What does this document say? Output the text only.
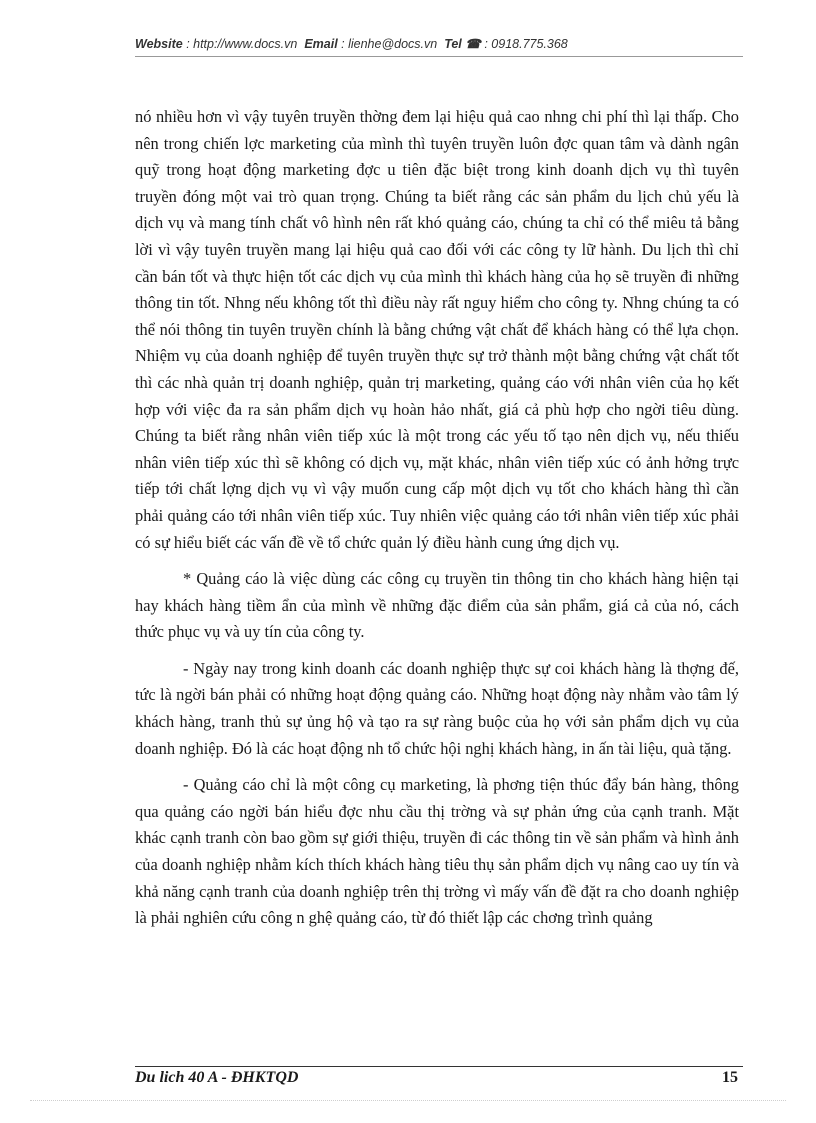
Website : http://www.docs.vn Email : lienhe@docs.vn Tel ☎ : 0918.775.368

nó nhiều hơn vì vậy tuyên truyền thờng đem lại hiệu quả cao nhng chi phí thì lại thấp. Cho nên trong chiến lợc marketing của mình thì tuyên truyền luôn đợc quan tâm và dành ngân quỹ trong hoạt động marketing đợc u tiên đặc biệt trong kinh doanh dịch vụ thì tuyên truyền đóng một vai trò quan trọng. Chúng ta biết rằng các sản phẩm du lịch chủ yếu là dịch vụ và mang tính chất vô hình nên rất khó quảng cáo, chúng ta chỉ có thể miêu tả bằng lời vì vậy tuyên truyền mang lại hiệu quả cao đối với các công ty lữ hành. Du lịch thì chỉ cần bán tốt và thực hiện tốt các dịch vụ của mình thì khách hàng của họ sẽ truyền đi những thông tin tốt. Nhng nếu không tốt thì điều này rất nguy hiểm cho công ty. Nhng chúng ta có thể nói thông tin tuyên truyền chính là bằng chứng vật chất để khách hàng có thể lựa chọn. Nhiệm vụ của doanh nghiệp để tuyên truyền thực sự trở thành một bằng chứng vật chất tốt thì các nhà quản trị doanh nghiệp, quản trị marketing, quảng cáo với nhân viên của họ kết hợp với việc đa ra sản phẩm dịch vụ hoàn hảo nhất, giá cả phù hợp cho ngời tiêu dùng. Chúng ta biết rằng nhân viên tiếp xúc là một trong các yếu tố tạo nên dịch vụ, nếu thiếu nhân viên tiếp xúc thì sẽ không có dịch vụ, mặt khác, nhân viên tiếp xúc có ảnh hởng trực tiếp tới chất lợng dịch vụ vì vậy muốn cung cấp một dịch vụ tốt cho khách hàng thì cần phải quảng cáo tới nhân viên tiếp xúc. Tuy nhiên việc quảng cáo tới nhân viên tiếp xúc phải có sự hiểu biết các vấn đề về tổ chức quản lý điều hành cung ứng dịch vụ.

* Quảng cáo là việc dùng các công cụ truyền tin thông tin cho khách hàng hiện tại hay khách hàng tiềm ẩn của mình về những đặc điểm của sản phẩm, giá cả của nó, cách thức phục vụ và uy tín của công ty.

- Ngày nay trong kinh doanh các doanh nghiệp thực sự coi khách hàng là thợng đế, tức là ngời bán phải có những hoạt động quảng cáo. Những hoạt động này nhằm vào tâm lý khách hàng, tranh thủ sự ủng hộ và tạo ra sự ràng buộc của họ với sản phẩm dịch vụ của doanh nghiệp. Đó là các hoạt động nh tổ chức hội nghị khách hàng, in ấn tài liệu, quà tặng.

- Quảng cáo chỉ là một công cụ marketing, là phơng tiện thúc đẩy bán hàng, thông qua quảng cáo ngời bán hiểu đợc nhu cầu thị trờng và sự phản ứng của cạnh tranh. Mặt khác cạnh tranh còn bao gồm sự giới thiệu, truyền đi các thông tin về sản phẩm và hình ảnh của doanh nghiệp nhằm kích thích khách hàng tiêu thụ sản phẩm dịch vụ nâng cao uy tín và khả năng cạnh tranh của doanh nghiệp trên thị trờng vì mấy vấn đề đặt ra cho doanh nghiệp là phải nghiên cứu công n ghệ quảng cáo, từ đó thiết lập các chơng trình quảng

Du lich 40 A - ĐHKTQD	15
